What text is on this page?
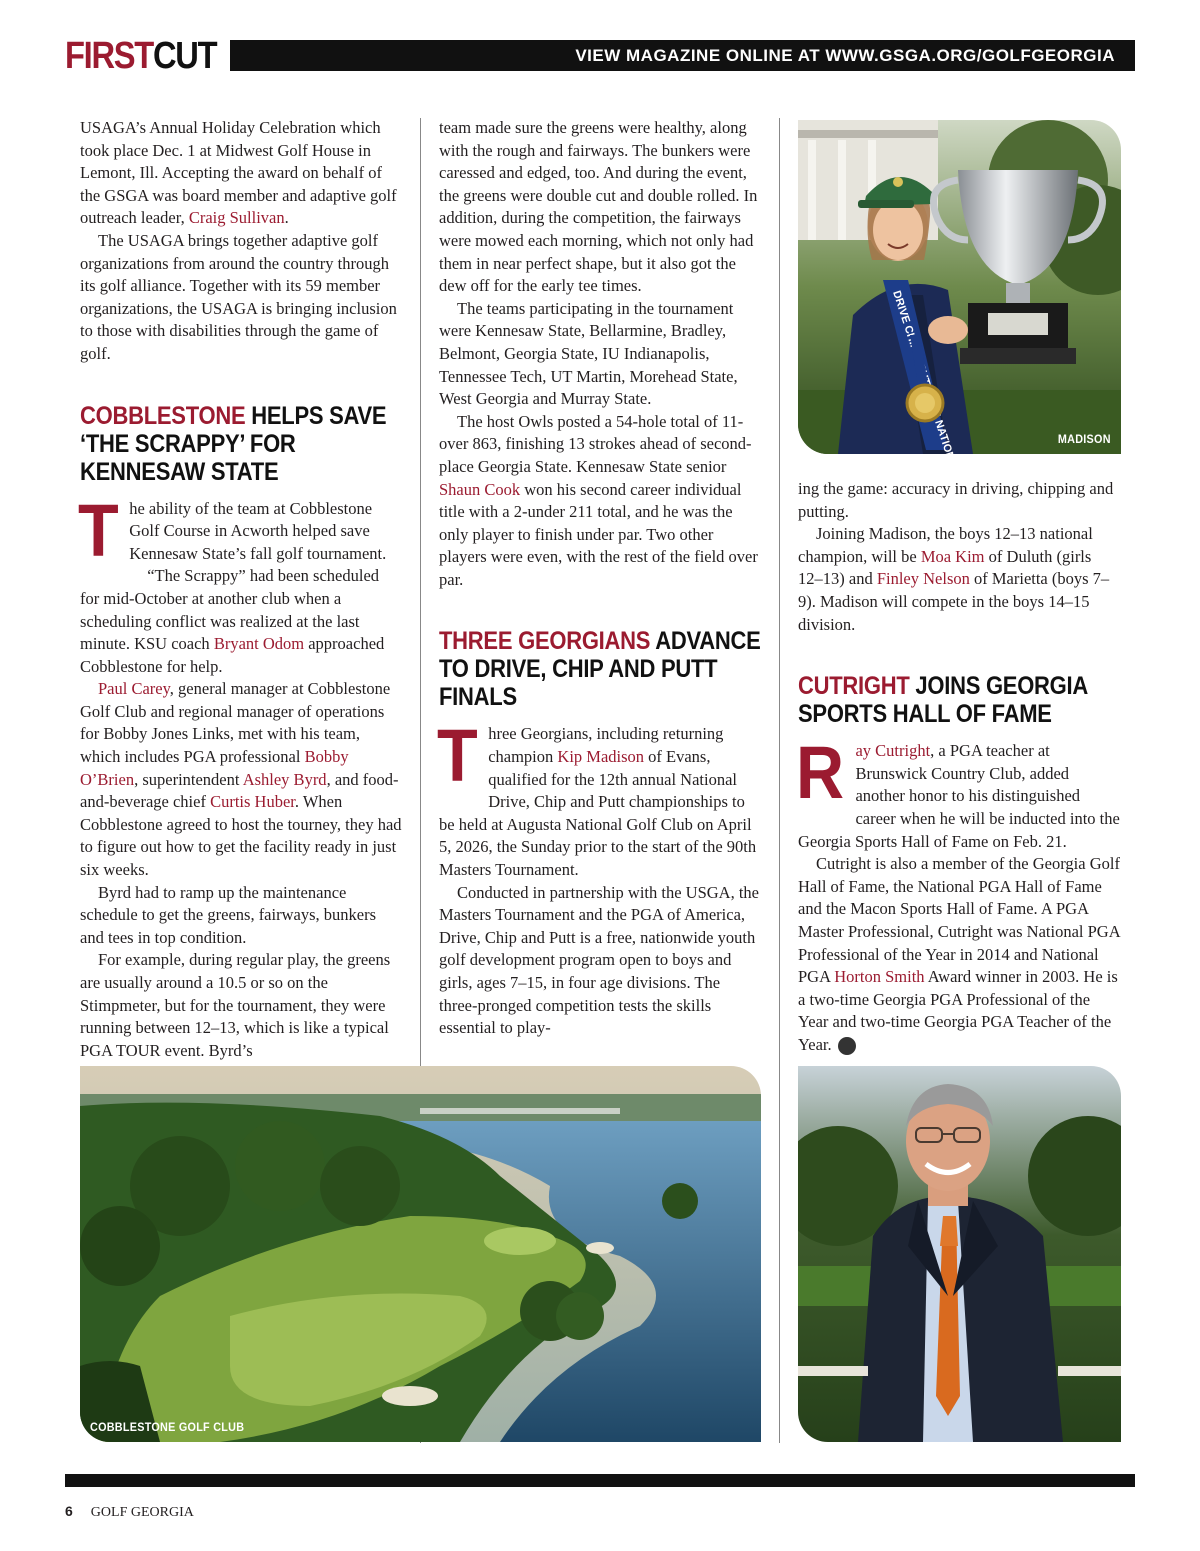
FIRSTCUT	VIEW MAGAZINE ONLINE AT WWW.GSGA.ORG/GOLFGEORGIA

USAGA’s Annual Holiday Celebration which took place Dec. 1 at Midwest Golf House in Lemont, Ill. Accepting the award on behalf of the GSGA was board member and adaptive golf outreach leader, Craig Sullivan.

The USAGA brings together adaptive golf organizations from around the country through its golf alliance. Together with its 59 member organizations, the USAGA is bringing inclusion to those with disabilities through the game of golf.

COBBLESTONE HELPS SAVE ‘THE SCRAPPY’ FOR KENNESAW STATE

The ability of the team at Cobblestone Golf Course in Acworth helped save Kennesaw State’s fall golf tournament.

“The Scrappy” had been scheduled for mid-October at another club when a scheduling conflict was realized at the last minute. KSU coach Bryant Odom approached Cobblestone for help.

Paul Carey, general manager at Cobblestone Golf Club and regional manager of operations for Bobby Jones Links, met with his team, which includes PGA professional Bobby O’Brien, superintendent Ashley Byrd, and food-and-beverage chief Curtis Huber. When Cobblestone agreed to host the tourney, they had to figure out how to get the facility ready in just six weeks.

Byrd had to ramp up the maintenance schedule to get the greens, fairways, bunkers and tees in top condition.

For example, during regular play, the greens are usually around a 10.5 or so on the Stimpmeter, but for the tournament, they were running between 12–13, which is like a typical PGA TOUR event. Byrd’s

team made sure the greens were healthy, along with the rough and fairways. The bunkers were caressed and edged, too. And during the event, the greens were double cut and double rolled. In addition, during the competition, the fairways were mowed each morning, which not only had them in near perfect shape, but it also got the dew off for the early tee times.

The teams participating in the tournament were Kennesaw State, Bellarmine, Bradley, Belmont, Georgia State, IU Indianapolis, Tennessee Tech, UT Martin, Morehead State, West Georgia and Murray State.

The host Owls posted a 54-hole total of 11-over 863, finishing 13 strokes ahead of second-place Georgia State. Kennesaw State senior Shaun Cook won his second career individual title with a 2-under 211 total, and he was the only player to finish under par. Two other players were even, with the rest of the field over par.

THREE GEORGIANS ADVANCE TO DRIVE, CHIP AND PUTT FINALS

Three Georgians, including returning champion Kip Madison of Evans, qualified for the 12th annual National Drive, Chip and Putt championships to be held at Augusta National Golf Club on April 5, 2026, the Sunday prior to the start of the 90th Masters Tournament.

Conducted in partnership with the USGA, the Masters Tournament and the PGA of America, Drive, Chip and Putt is a free, nationwide youth golf development program open to boys and girls, ages 7–15, in four age divisions. The three-pronged competition tests the skills essential to play-

DRIVE NATIONAL	MADISON

ing the game: accuracy in driving, chipping and putting.

Joining Madison, the boys 12–13 national champion, will be Moa Kim of Duluth (girls 12–13) and Finley Nelson of Marietta (boys 7–9). Madison will compete in the boys 14–15 division.

CUTRIGHT JOINS GEORGIA SPORTS HALL OF FAME

Ray Cutright, a PGA teacher at Brunswick Country Club, added another honor to his distinguished career when he will be inducted into the Georgia Sports Hall of Fame on Feb. 21.

Cutright is also a member of the Georgia Golf Hall of Fame, the National PGA Hall of Fame and the Macon Sports Hall of Fame. A PGA Master Professional, Cutright was National PGA Professional of the Year in 2014 and National PGA Horton Smith Award winner in 2003. He is a two-time Georgia PGA Professional of the Year and two-time Georgia PGA Teacher of the Year.	GG

COBBLESTONE GOLF CLUB
6 GOLF GEORGIA
